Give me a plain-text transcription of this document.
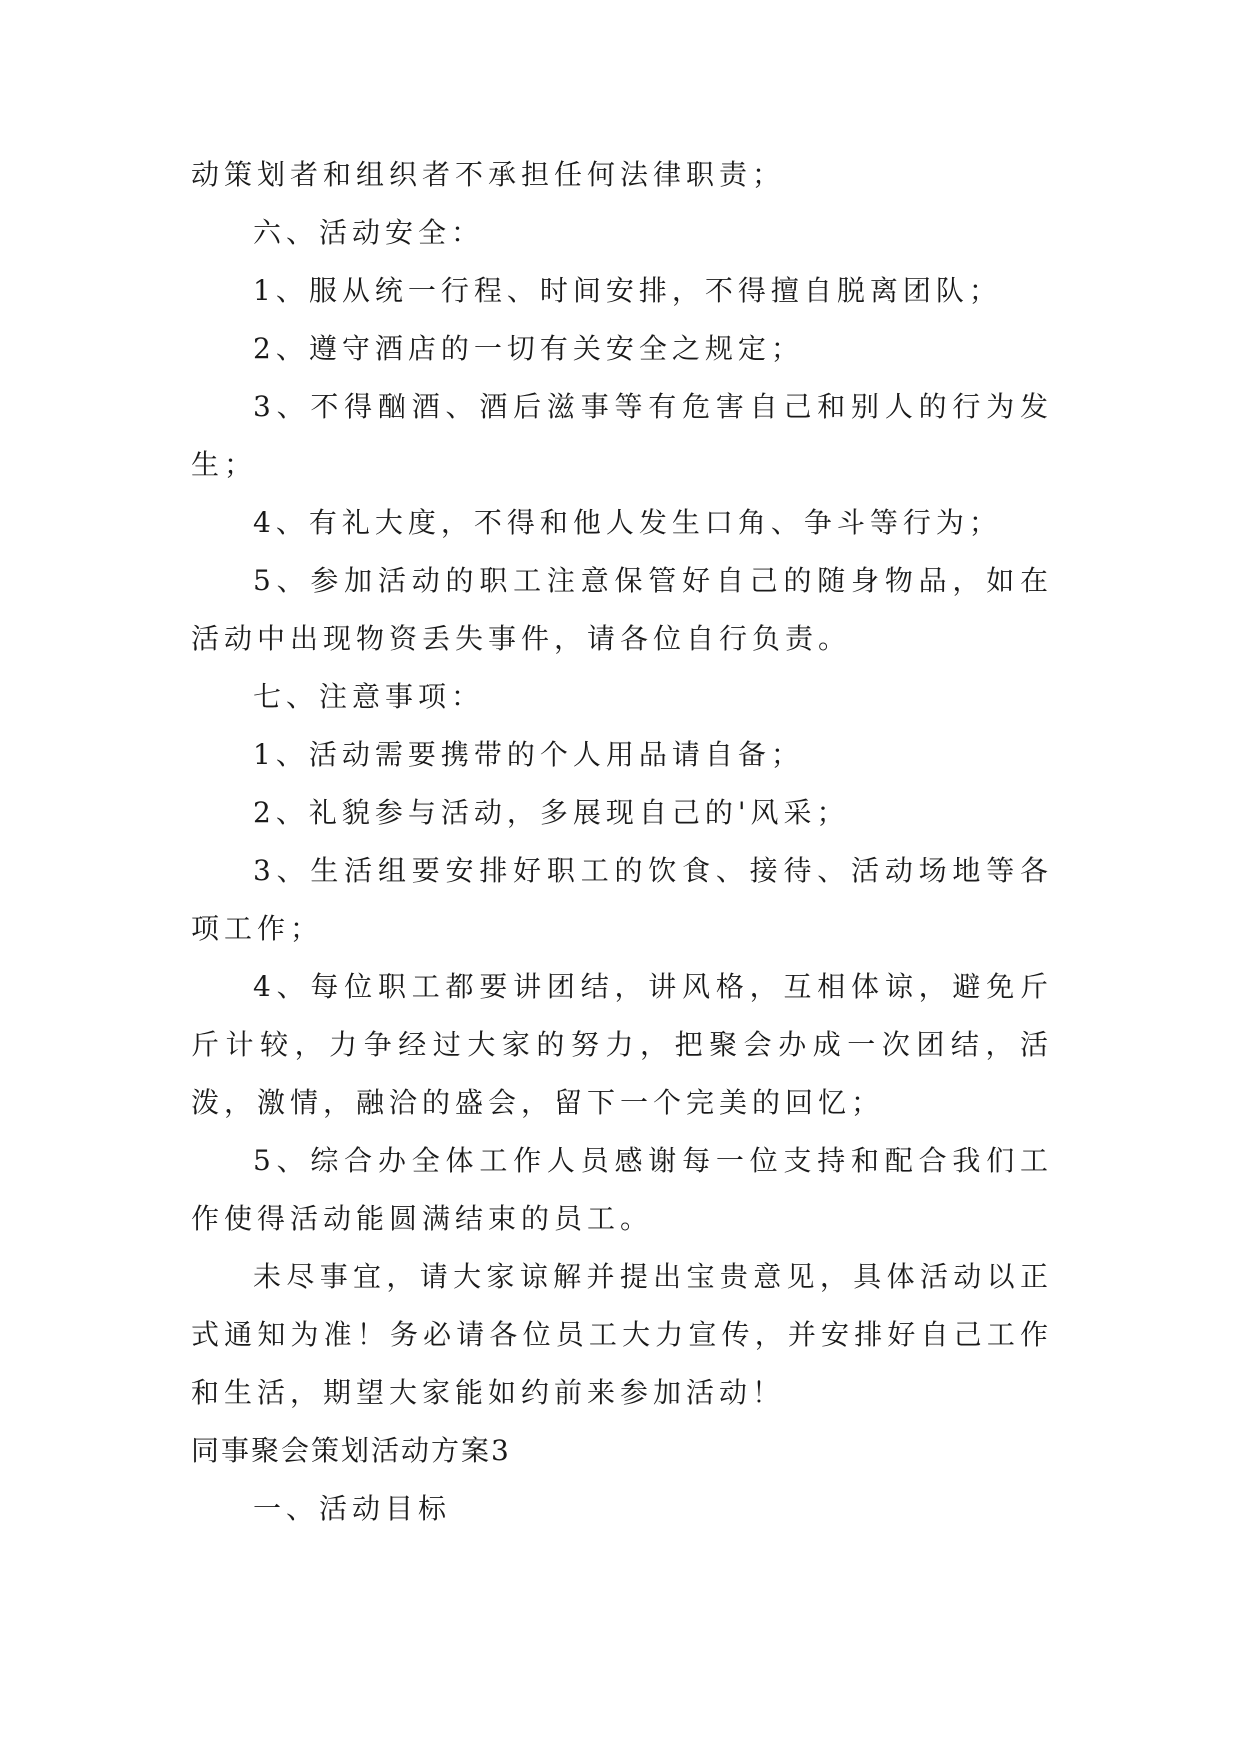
动策划者和组织者不承担任何法律职责；

六、活动安全：

1、服从统一行程、时间安排，不得擅自脱离团队；

2、遵守酒店的一切有关安全之规定；

3、不得酗酒、酒后滋事等有危害自己和别人的行为发生；

4、有礼大度，不得和他人发生口角、争斗等行为；

5、参加活动的职工注意保管好自己的随身物品，如在活动中出现物资丢失事件，请各位自行负责。

七、注意事项：

1、活动需要携带的个人用品请自备；

2、礼貌参与活动，多展现自己的'风采；

3、生活组要安排好职工的饮食、接待、活动场地等各项工作；

4、每位职工都要讲团结，讲风格，互相体谅，避免斤斤计较，力争经过大家的努力，把聚会办成一次团结，活泼，激情，融洽的盛会，留下一个完美的回忆；

5、综合办全体工作人员感谢每一位支持和配合我们工作使得活动能圆满结束的员工。

未尽事宜，请大家谅解并提出宝贵意见，具体活动以正式通知为准！务必请各位员工大力宣传，并安排好自己工作和生活，期望大家能如约前来参加活动！

同事聚会策划活动方案3

一、活动目标
